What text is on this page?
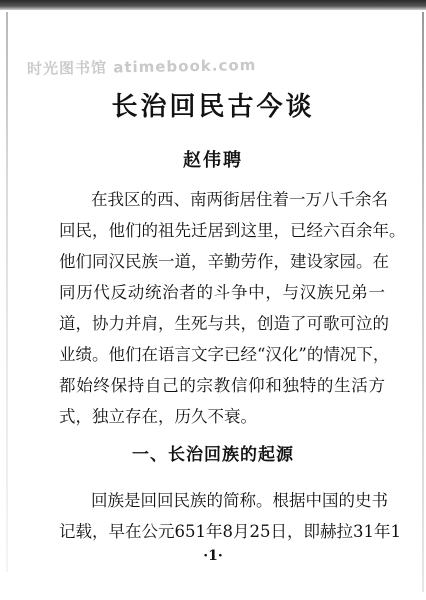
时光图书馆 atimebook.com
长治回民古今谈
赵伟聘
在我区的西、南两街居住着一万八千余名
回民，他们的祖先迁居到这里，已经六百余年。
他们同汉民族一道，辛勤劳作，建设家园。在
同历代反动统治者的斗争中，与汉族兄弟一
道，协力并肩，生死与共，创造了可歌可泣的
业绩。他们在语言文字已经“汉化”的情况下，
都始终保持自己的宗教信仰和独特的生活方
式，独立存在，历久不衰。
一、长治回族的起源
回族是回回民族的简称。根据中国的史书
记载，早在公元651年8月25日，即赫拉31年1
·1·
